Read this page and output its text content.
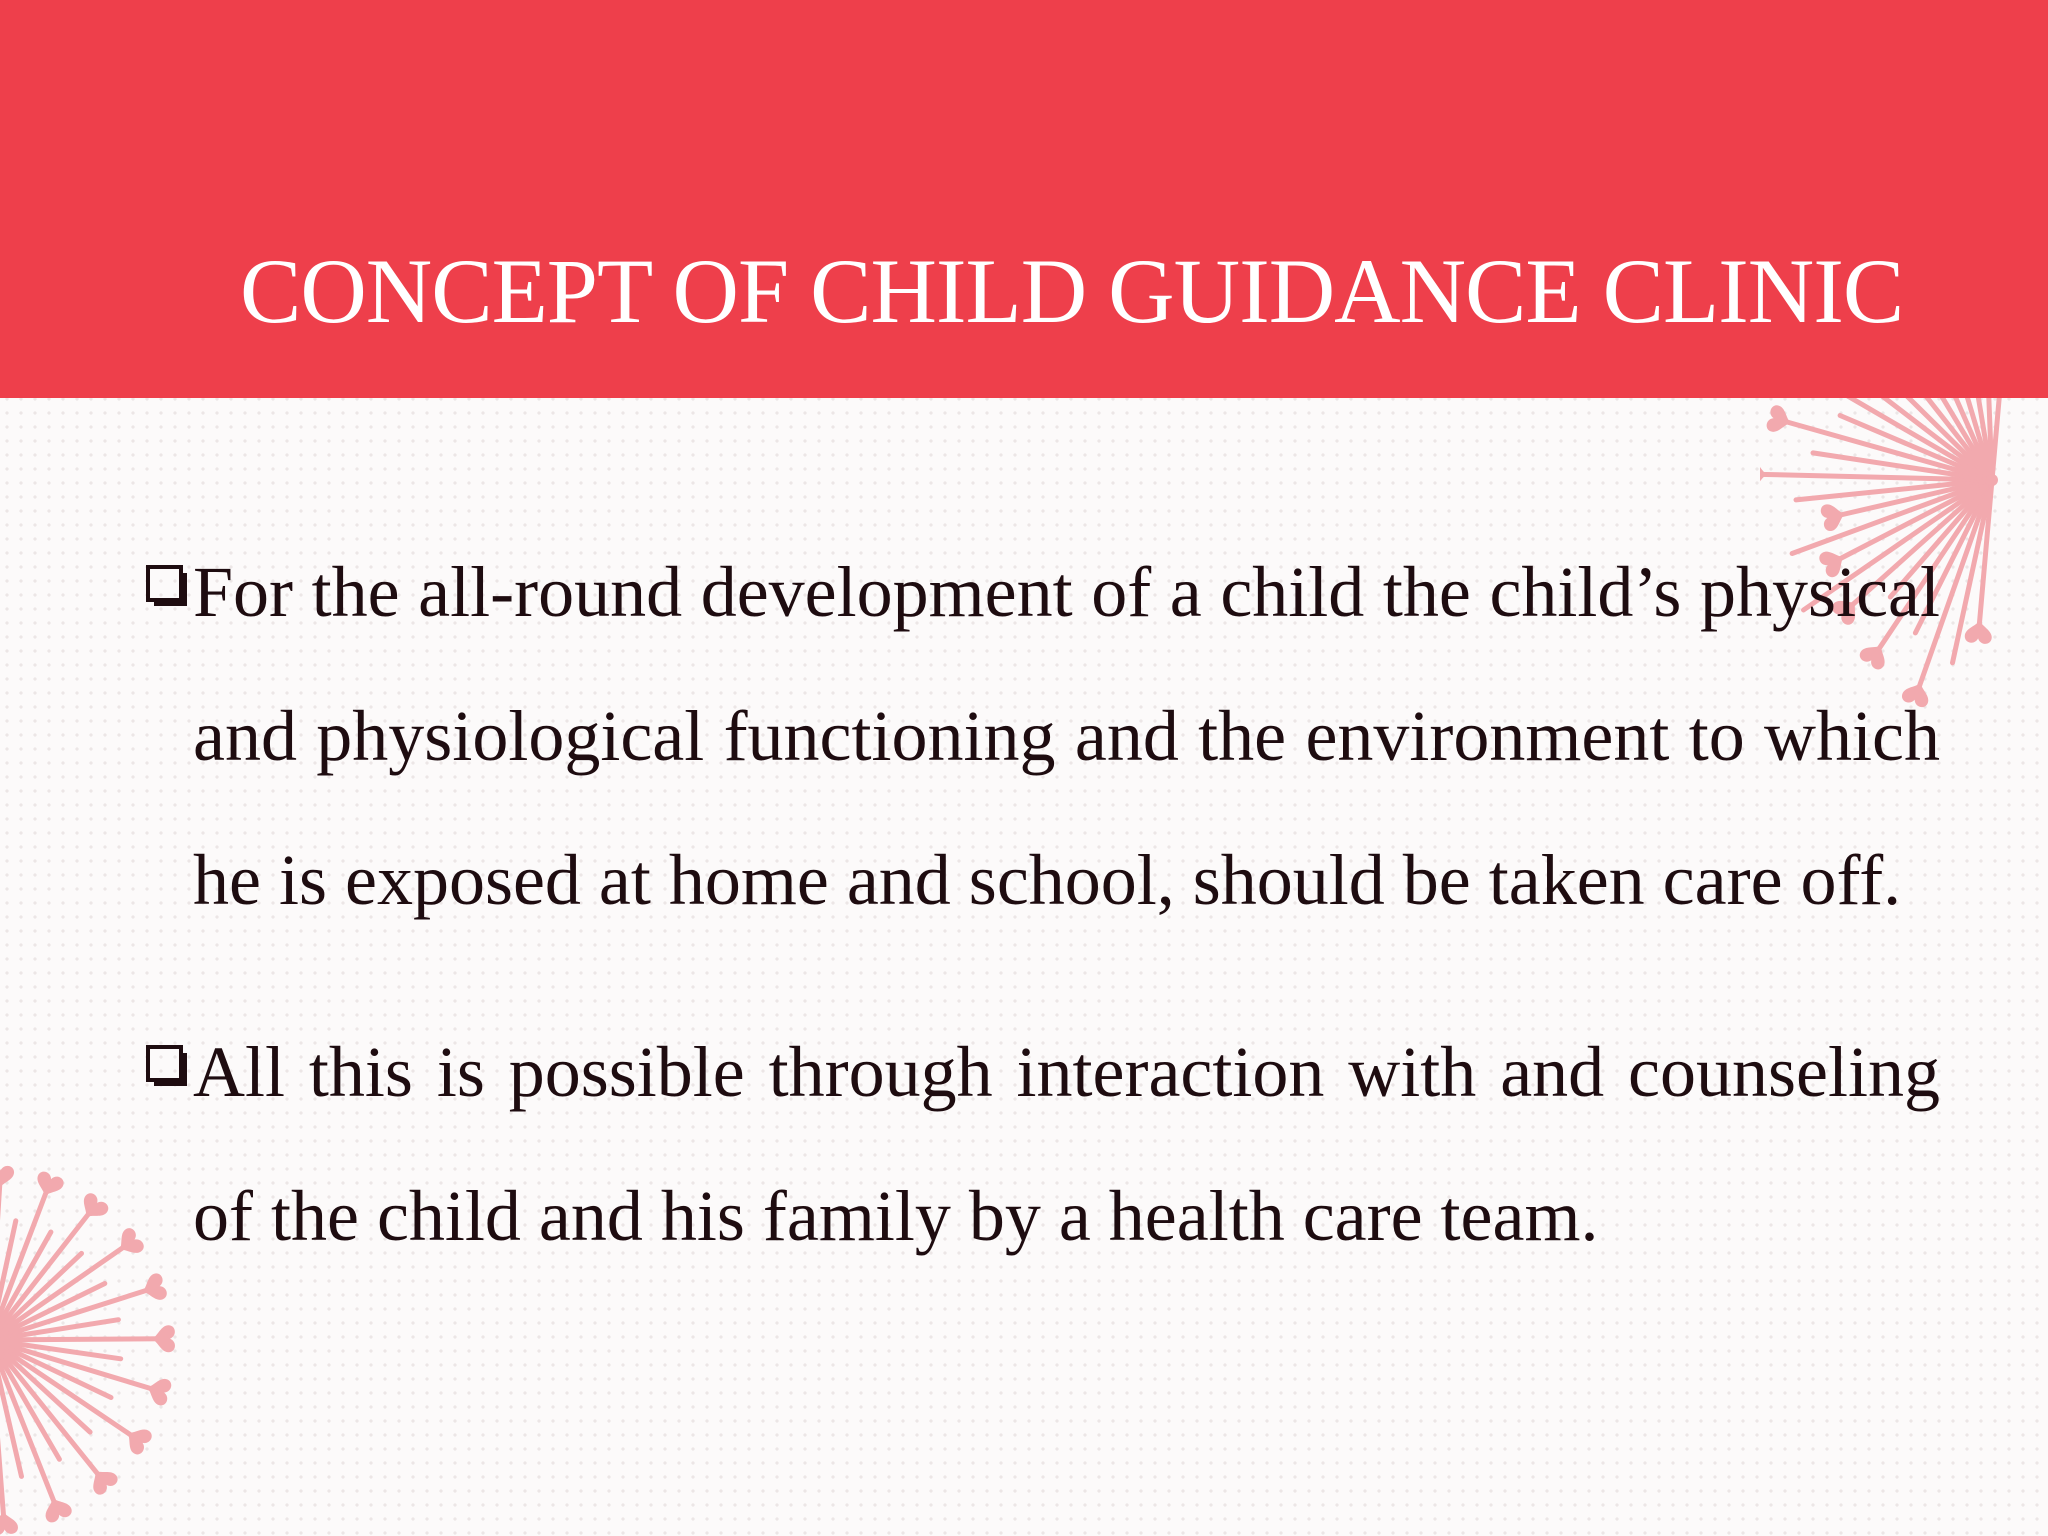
CONCEPT OF CHILD GUIDANCE CLINIC
For the all-round development of a child the child’s physical and physiological functioning and the environment to which he is exposed at home and school, should be taken care off.
All this is possible through interaction with and counseling of the child and his family by a health care team.
